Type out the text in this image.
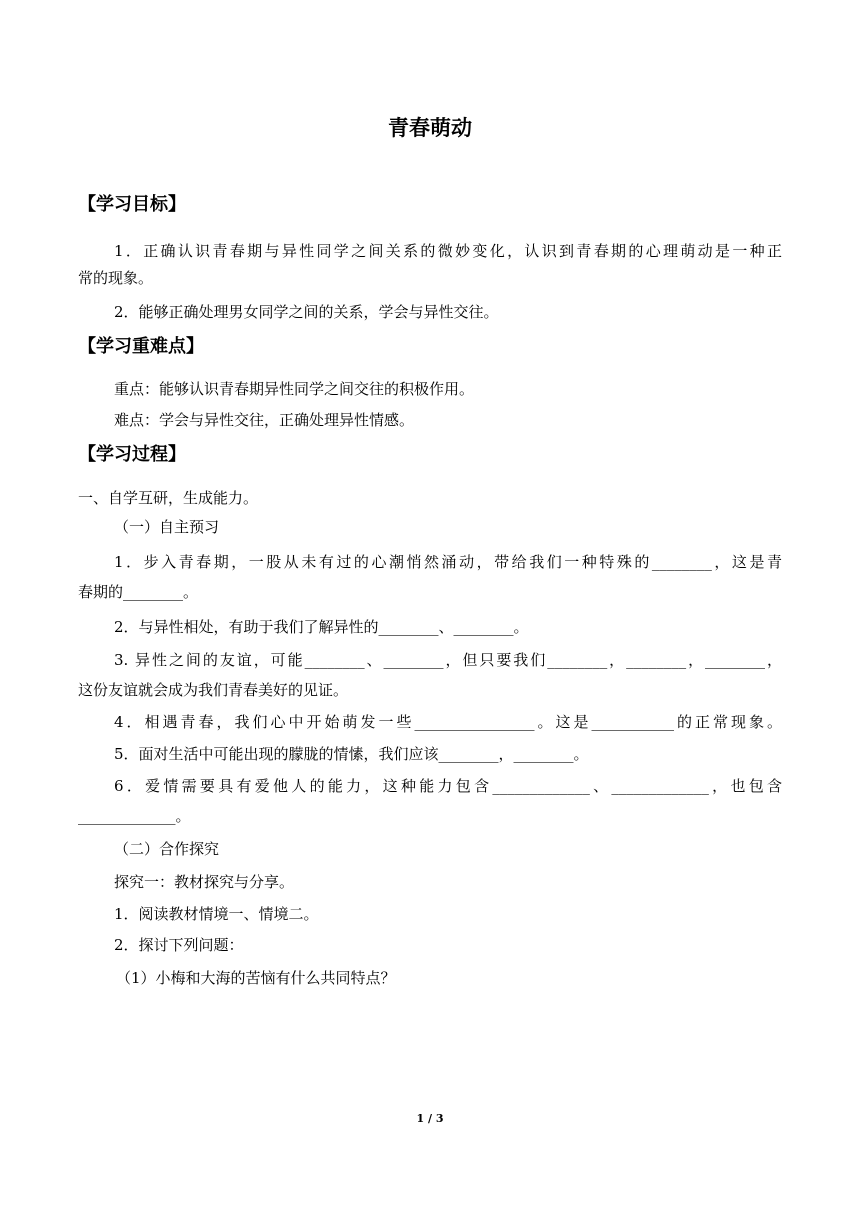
青春萌动
【学习目标】
1．正确认识青春期与异性同学之间关系的微妙变化，认识到青春期的心理萌动是一种正
常的现象。
2．能够正确处理男女同学之间的关系，学会与异性交往。
【学习重难点】
重点：能够认识青春期异性同学之间交往的积极作用。
难点：学会与异性交往，正确处理异性情感。
【学习过程】
一、自学互研，生成能力。
（一）自主预习
1．步入青春期，一股从未有过的心潮悄然涌动，带给我们一种特殊的________，这是青
春期的________。
2．与异性相处，有助于我们了解异性的________、________。
3. 异性之间的友谊，可能________、________，但只要我们________，________，________，
这份友谊就会成为我们青春美好的见证。
4．相遇青春，我们心中开始萌发一些________________。这是___________的正常现象。
5．面对生活中可能出现的朦胧的情愫，我们应该________，________。
6．爱情需要具有爱他人的能力，这种能力包含_____________、_____________，也包含
_____________。
（二）合作探究
探究一：教材探究与分享。
1．阅读教材情境一、情境二。
2．探讨下列问题：
（1）小梅和大海的苦恼有什么共同特点？
1 / 3
